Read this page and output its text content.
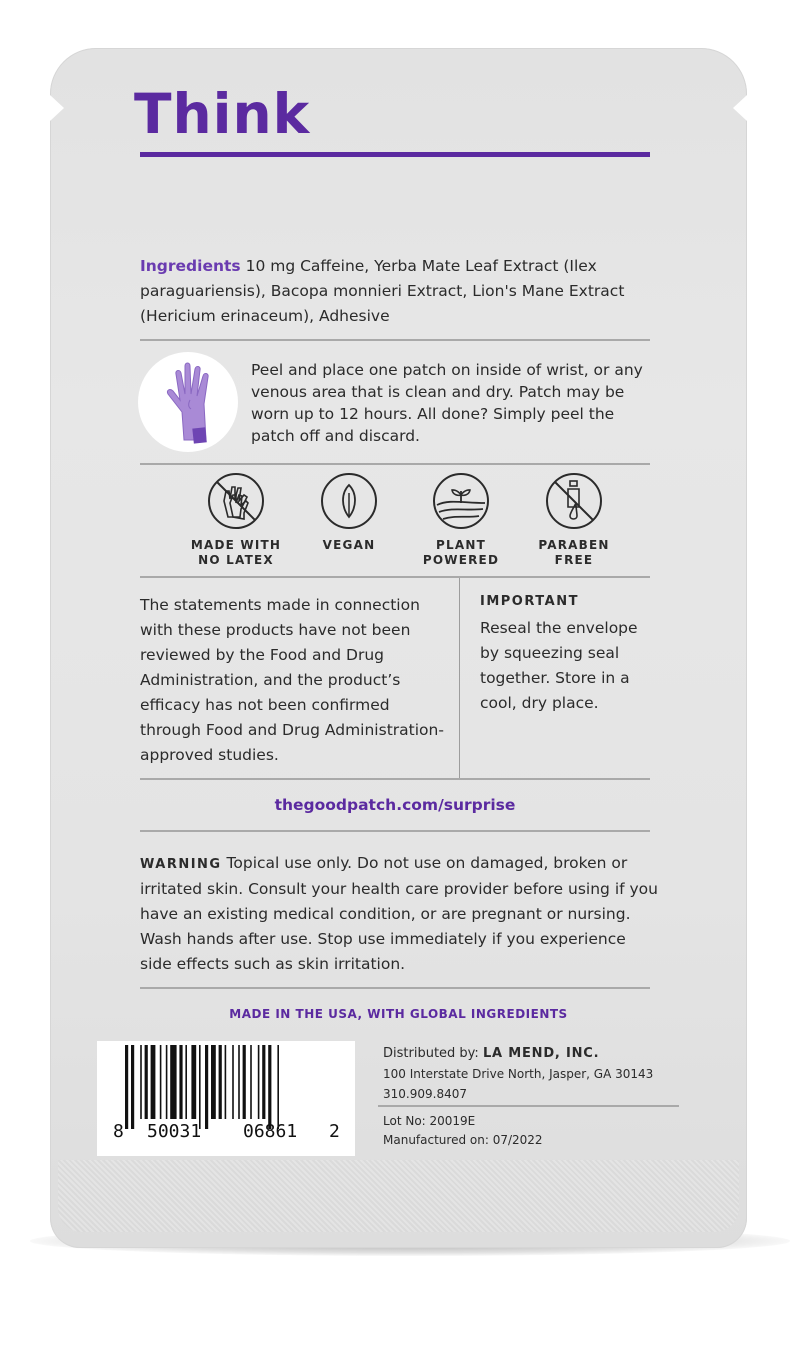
Think
Ingredients 10 mg Caffeine, Yerba Mate Leaf Extract (Ilex paraguariensis), Bacopa monnieri Extract, Lion's Mane Extract (Hericium erinaceum), Adhesive
Peel and place one patch on inside of wrist, or any venous area that is clean and dry. Patch may be worn up to 12 hours. All done? Simply peel the patch off and discard.
MADE WITH
NO LATEX
VEGAN	PLANT
POWERED
PARABEN
FREE
The statements made in connection with these products have not been reviewed by the Food and Drug Administration, and the product’s efficacy has not been confirmed through Food and Drug Administration-approved studies.
IMPORTANT
Reseal the envelope by squeezing seal together. Store in a cool, dry place.
thegoodpatch.com/surprise
WARNING Topical use only. Do not use on damaged, broken or irritated skin. Consult your health care provider before using if you have an existing medical condition, or are pregnant or nursing. Wash hands after use. Stop use immediately if you experience side effects such as skin irritation.
MADE IN THE USA, WITH GLOBAL INGREDIENTS
8 50031 06861 2
Distributed by: LA MEND, INC.
100 Interstate Drive North, Jasper, GA 30143
310.909.8407
Lot No: 20019E
Manufactured on: 07/2022
